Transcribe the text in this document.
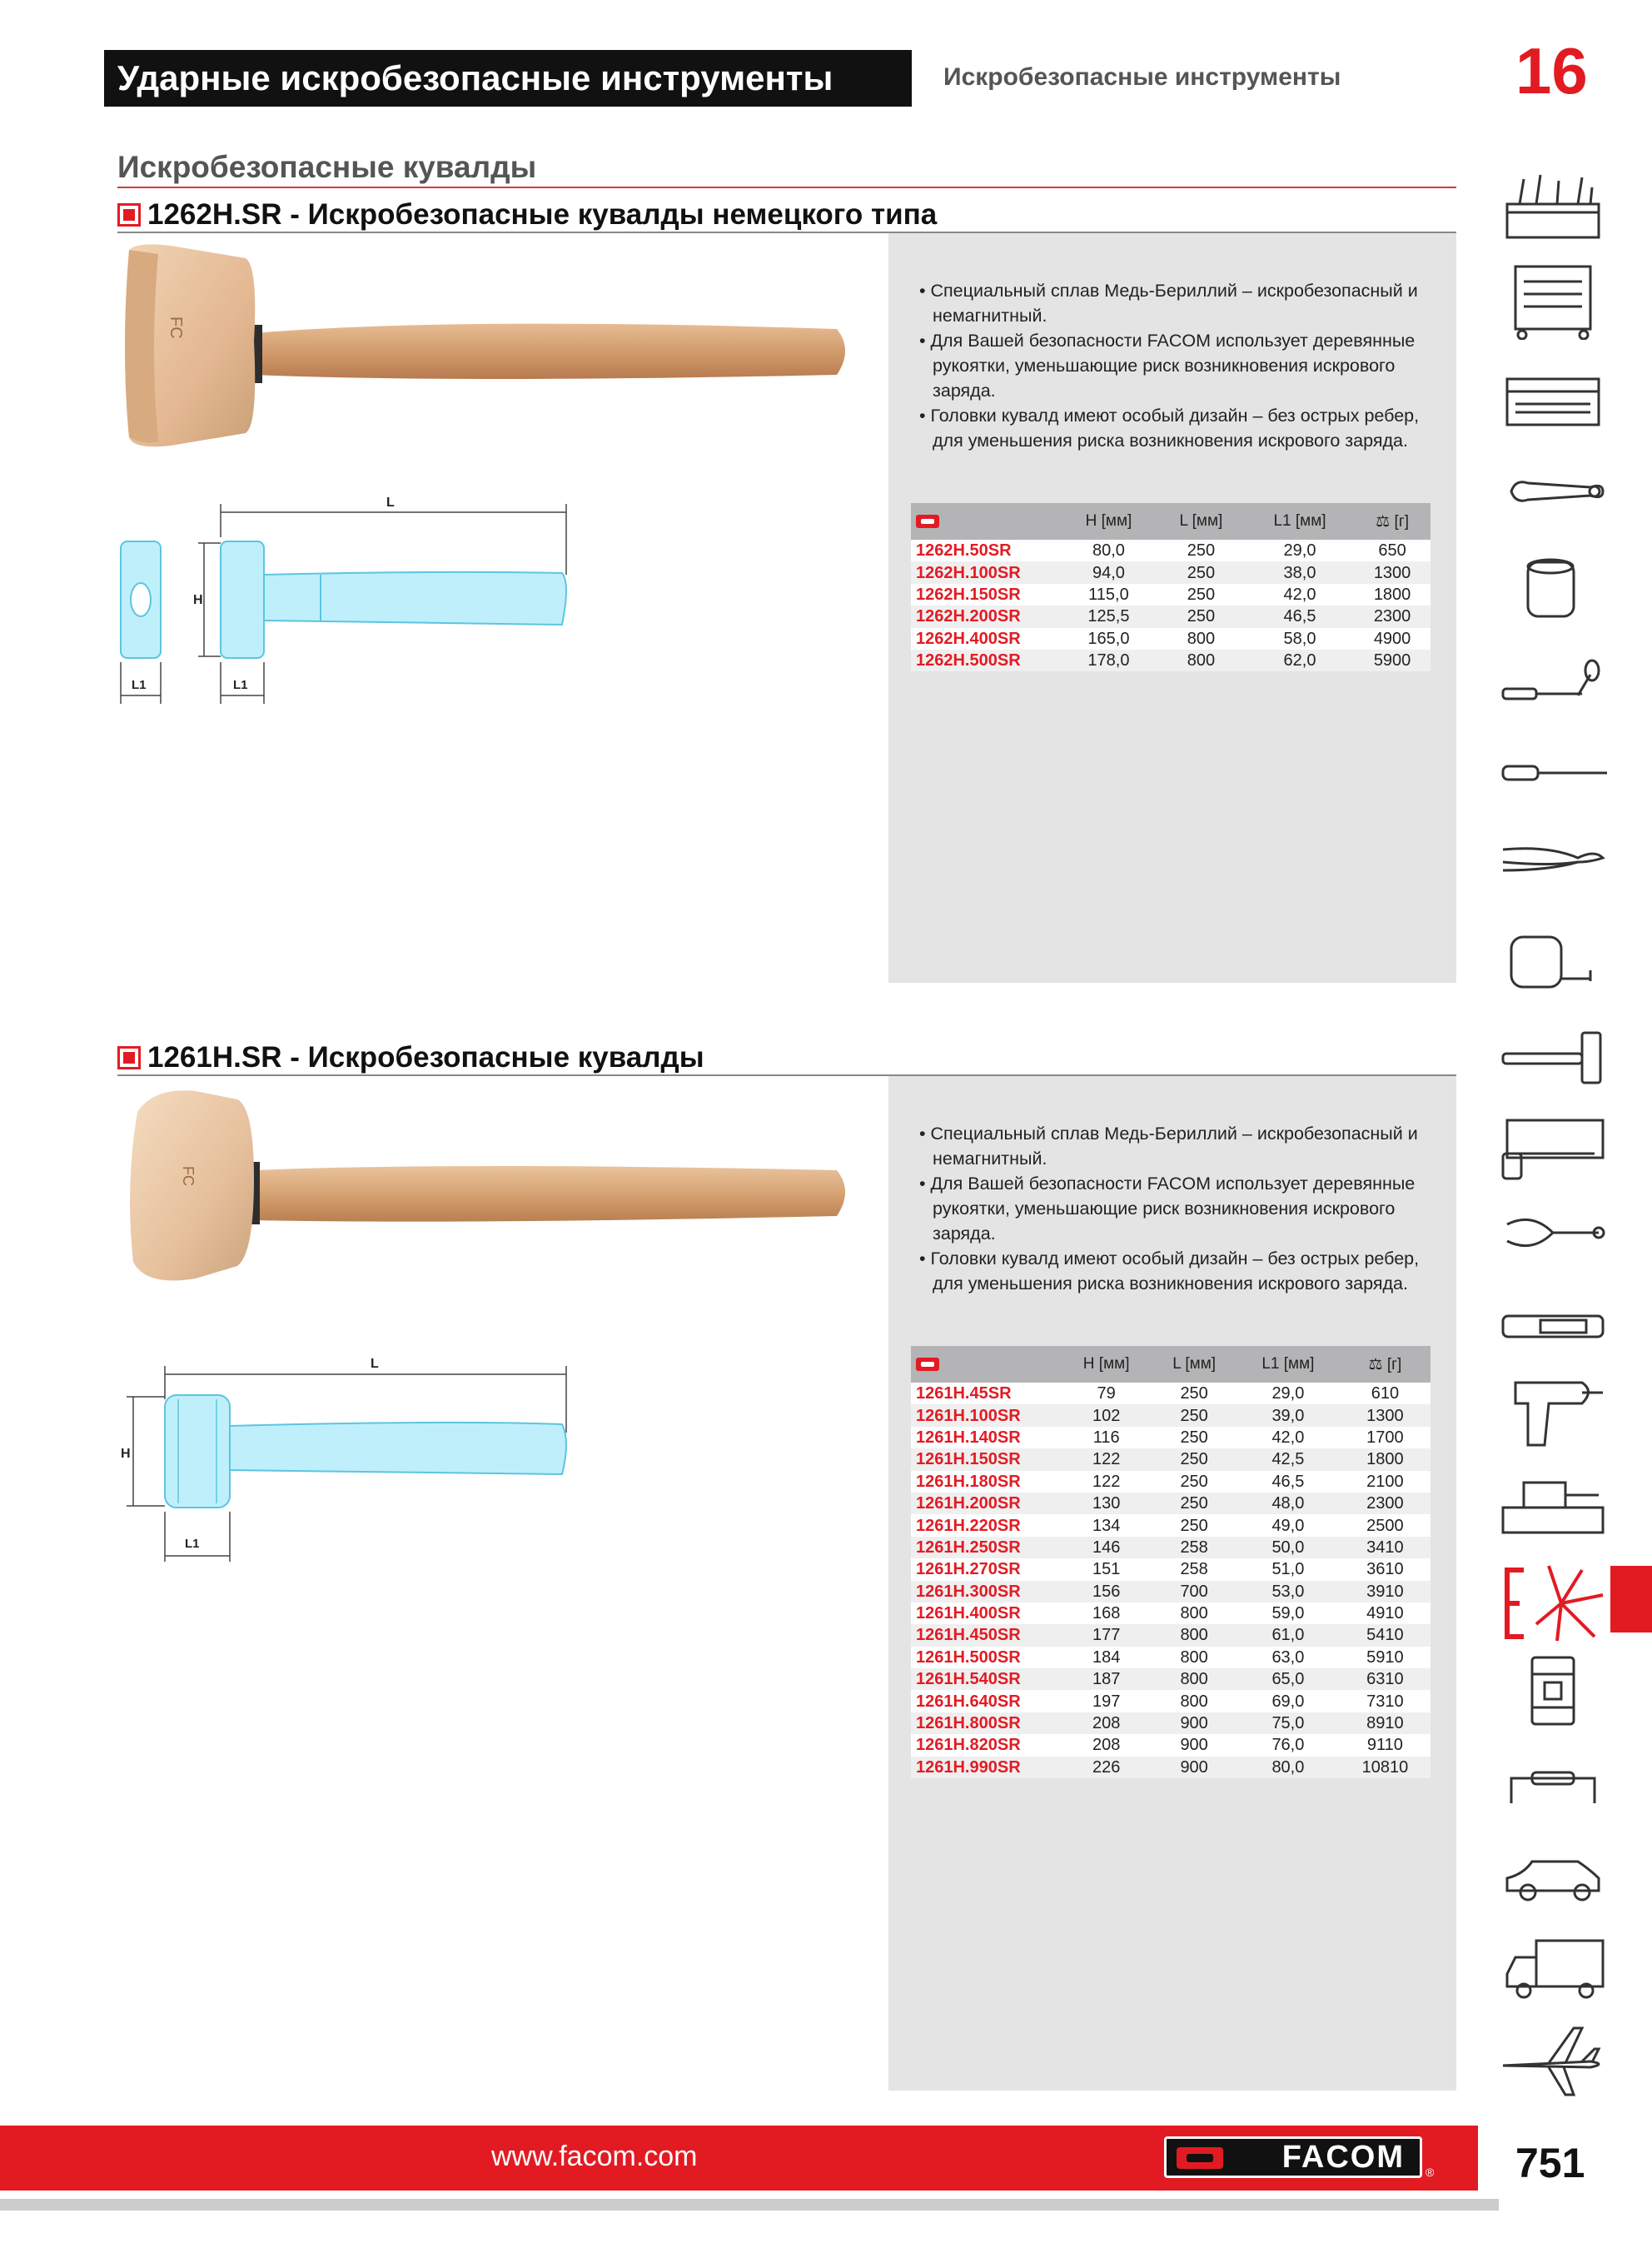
Ударные искробезопасные инструменты	Искробезопасные инструменты	16
Искробезопасные кувалды
1262H.SR - Искробезопасные кувалды немецкого типа
• Специальный сплав Медь-Бериллий – искробезопасный и немагнитный.
• Для Вашей безопасности FACOM использует деревянные рукоятки, уменьшающие риск возникновения искрового заряда.
• Головки кувалд имеют особый дизайн – без острых ребер, для уменьшения риска возникновения искрового заряда.
	H [мм]	L [мм]	L1 [мм]	⚖ [г]
1262H.50SR	80,0	250	29,0	650
1262H.100SR	94,0	250	38,0	1300
1262H.150SR	115,0	250	42,0	1800
1262H.200SR	125,5	250	46,5	2300
1262H.400SR	165,0	800	58,0	4900
1262H.500SR	178,0	800	62,0	5900
FC
L
H
L1	L1
1261H.SR - Искробезопасные кувалды
• Специальный сплав Медь-Бериллий – искробезопасный и немагнитный.
• Для Вашей безопасности FACOM использует деревянные рукоятки, уменьшающие риск возникновения искрового заряда.
• Головки кувалд имеют особый дизайн – без острых ребер, для уменьшения риска возникновения искрового заряда.
	H [мм]	L [мм]	L1 [мм]	⚖ [г]
1261H.45SR	79	250	29,0	610
1261H.100SR	102	250	39,0	1300
1261H.140SR	116	250	42,0	1700
1261H.150SR	122	250	42,5	1800
1261H.180SR	122	250	46,5	2100
1261H.200SR	130	250	48,0	2300
1261H.220SR	134	250	49,0	2500
1261H.250SR	146	258	50,0	3410
1261H.270SR	151	258	51,0	3610
1261H.300SR	156	700	53,0	3910
1261H.400SR	168	800	59,0	4910
1261H.450SR	177	800	61,0	5410
1261H.500SR	184	800	63,0	5910
1261H.540SR	187	800	65,0	6310
1261H.640SR	197	800	69,0	7310
1261H.800SR	208	900	75,0	8910
1261H.820SR	208	900	76,0	9110
1261H.990SR	226	900	80,0	10810
FC
L
H
L1
www.facom.com	FACOM	® 751
